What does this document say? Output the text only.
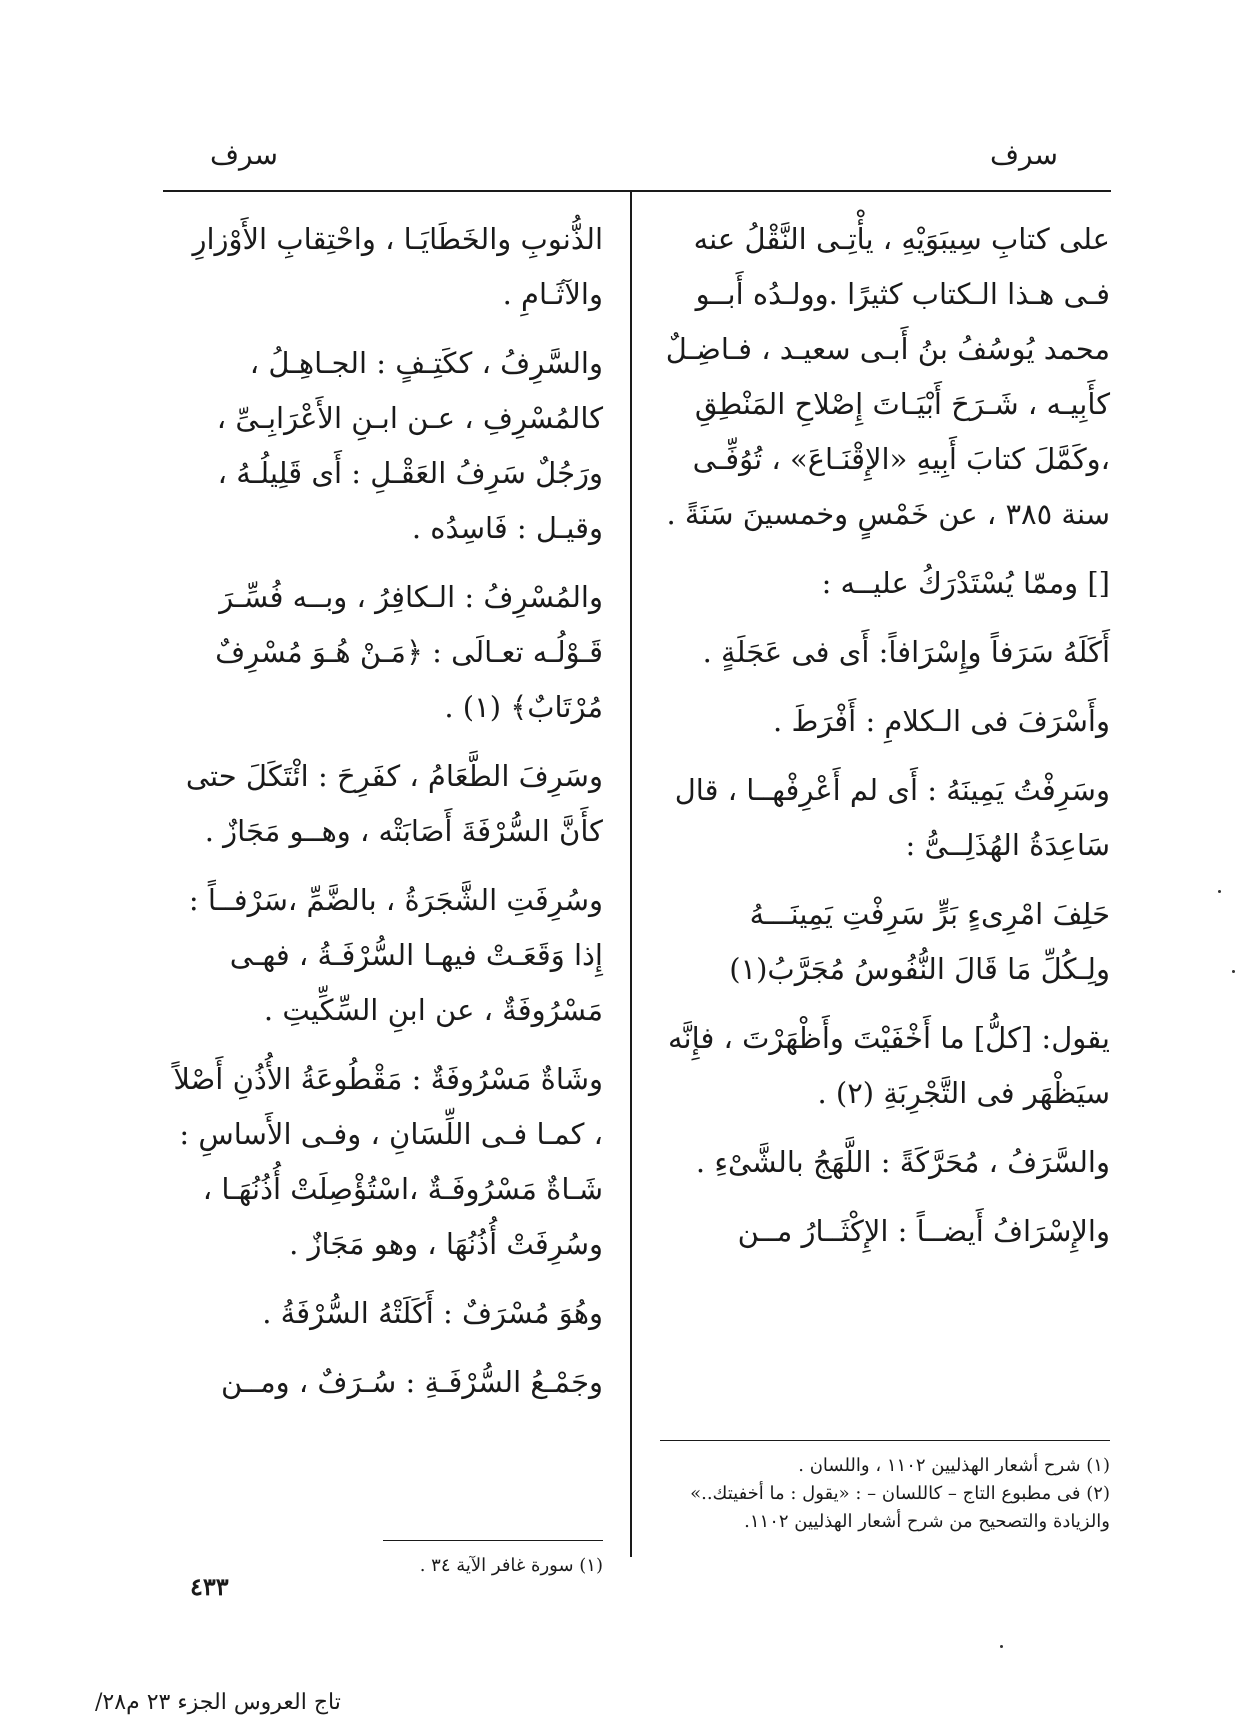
سرف
سرف

على كتابِ سِيبَوَيْهِ ، يأْتِـى النَّقْلُ عنه فـى هـذا الـكتاب كثيرًا .وولـدُه أَبــو محمد يُوسُفُ بنُ أَبـى سعيـد ، فـاضِـلٌ كأَبِيـه ، شَـرَحَ أَبْيَـاتَ إِصْلاحِ المَنْطِقِ ،وكَمَّلَ كتابَ أَبِيهِ «الإِقْنَـاعَ» ، تُوُفِّـى سنة ٣٨٥ ، عن خَمْسٍ وخمسينَ سَنَةً .

[] وممّا يُسْتَدْرَكُ عليــه :

أَكَلَهُ سَرَفاً وإِسْرَافاً: أَى فى عَجَلَةٍ .

وأَسْرَفَ فى الـكلامِ : أَفْرَطَ .

وسَرِفْتُ يَمِينَهُ : أَى لم أَعْرِفْهــا ، قال سَاعِدَةُ الهُذَلِــىُّ :

حَلِفَ امْرِىءٍ بَرٍّ سَرِفْتِ يَمِينَـــهُ

ولِـكُلِّ مَا قَالَ النُّفُوسُ مُجَرَّبُ(١)

يقول: [كلُّ] ما أَخْفَيْتَ وأَظْهَرْتَ ، فإِنَّه سيَظْهَر فى التَّجْرِبَةِ (٢) .

والسَّرَفُ ، مُحَرَّكَةً : اللَّهَجُ بالشَّىْءِ .

والإِسْرَافُ أَيضــاً : الإِكْثَــارُ مــن

(١) شرح أشعار الهذليين ١١٠٢ ، واللسان .

(٢) فى مطبوع التاج – كاللسان – : «يقول : ما أخفيتك..» والزيادة والتصحيح من شرح أشعار الهذليين ١١٠٢.

الذُّنوبِ والخَطَايَـا ، واحْتِقابِ الأَوْزارِ والآثَـامِ .

والسَّرِفُ ، ككَتِـفٍ : الجـاهِـلُ ، كالمُسْرِفِ ، عـن ابـنِ الأَعْرَابِـىِّ ، ورَجُلٌ سَرِفُ العَقْـلِ : أَى قَلِيلُـهُ ، وقيـل : فَاسِدُه .

والمُسْرِفُ : الـكافِرُ ، وبــه فُسِّـرَ قَـوْلُـه تعـالَى : ﴿مَـنْ هُـوَ مُسْرِفٌ مُرْتَابٌ﴾ (١) .

وسَرِفَ الطَّعَامُ ، كفَرِحَ : ائْتَكَلَ حتى كأَنَّ السُّرْفَةَ أَصَابَتْه ، وهــو مَجَازٌ .

وسُرِفَتِ الشَّجَرَةُ ، بالضَّمِّ ،سَرْفــاً : إِذا وَقَعَـتْ فيهـا السُّرْفَـةُ ، فهـى مَسْرُوفَةٌ ، عن ابنِ السِّكِّيتِ .

وشَاةٌ مَسْرُوفَةٌ : مَقْطُوعَةُ الأُذُنِ أَصْلاً ، كمـا فـى اللِّسَانِ ، وفـى الأَساسِ : شَـاةٌ مَسْرُوفَـةٌ ،اسْتُؤْصِلَتْ أُذُنُهَـا ، وسُرِفَتْ أُذُنُهَا ، وهو مَجَازٌ .

وهُوَ مُسْرَفٌ : أَكَلَتْهُ السُّرْفَةُ .

وجَمْـعُ السُّرْفَـةِ : سُـرَفٌ ، ومــن

(١) سورة غافر الآية ٣٤ .

٤٣٣
تاج العروس الجزء ٢٣ م٢٨/
